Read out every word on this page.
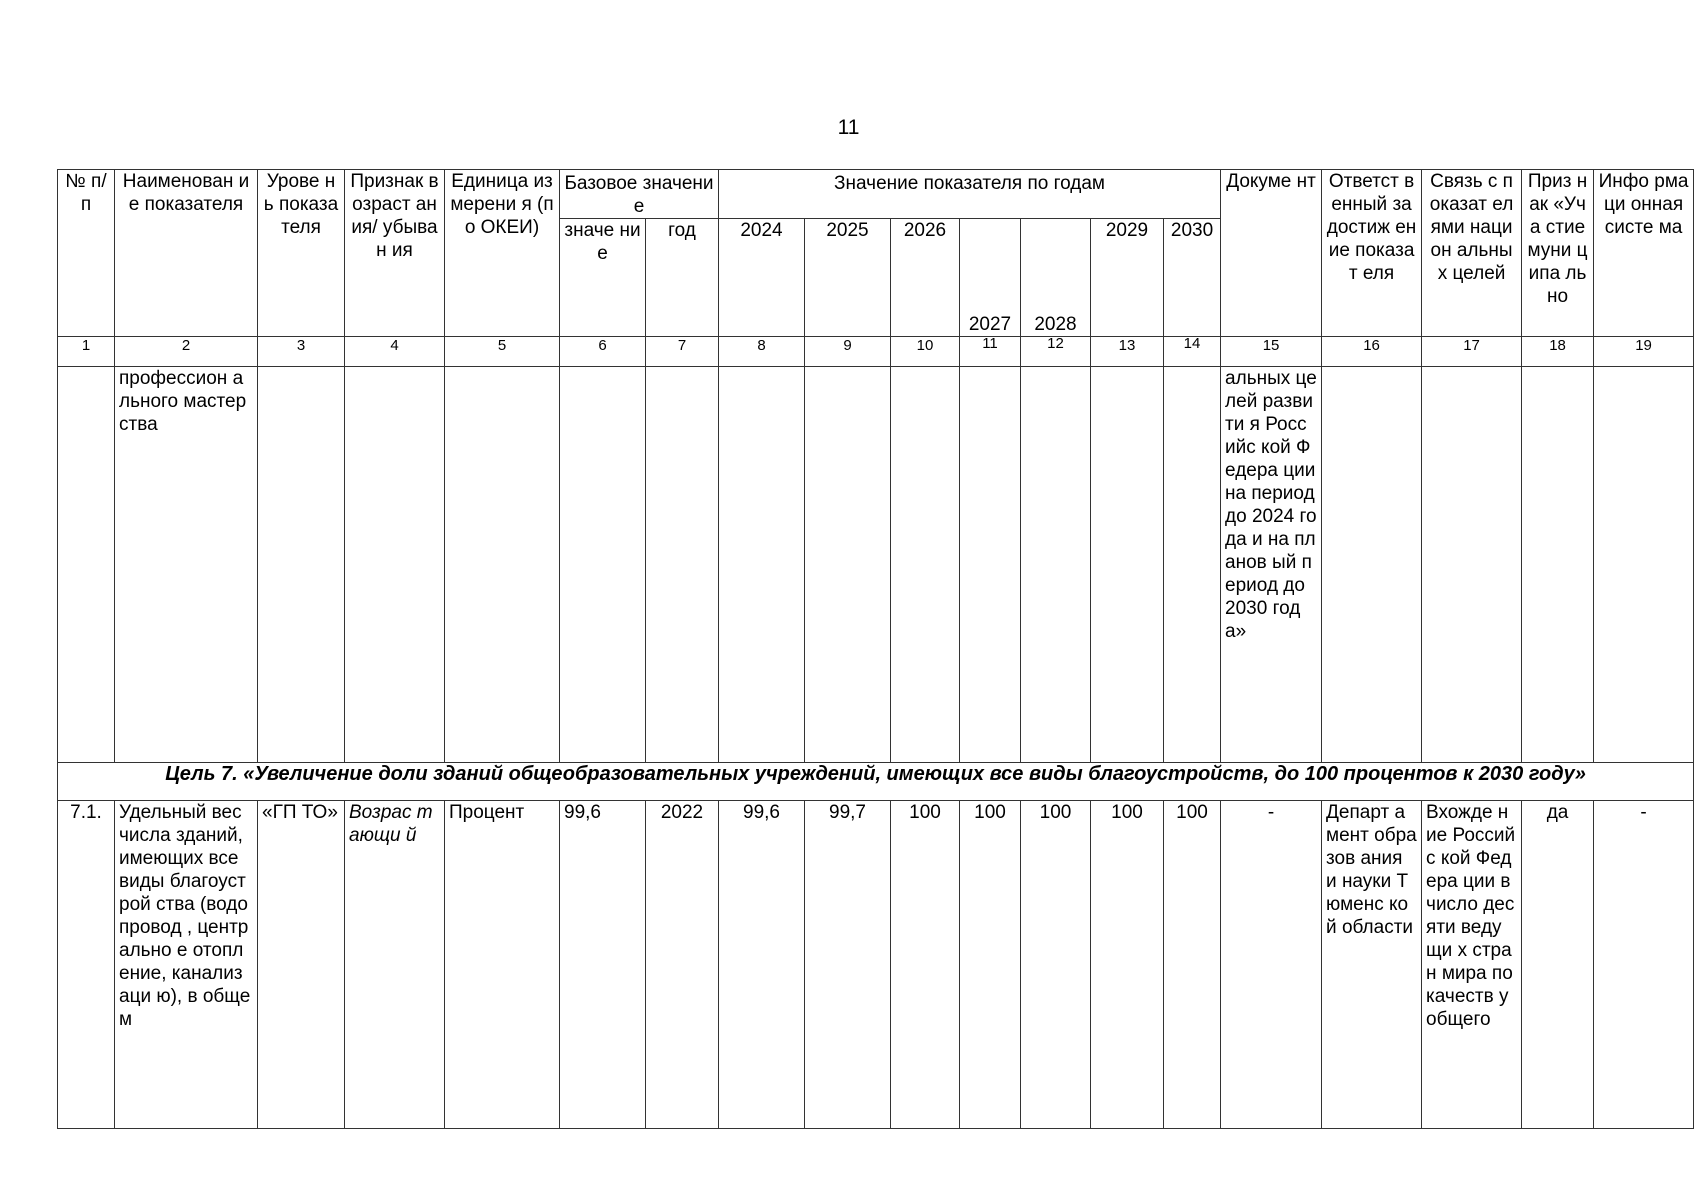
11
№ п/п	Наименован ие показателя	Урове нь показа теля	Признак возраст ания/ убыван ия	Единица измерени я (по ОКЕИ)	Базовое значение		Значение показателя по годам							Докуме нт	Ответст венный за достиж ение показат еля	Связь с показат елями национ альных целей	Приз нак «Уча стие муни ципа льно	Инфо рмаци онная систе ма
					значе ние	год	2024	2025	2026	2027	2028	2029	2030					
1	2	3	4	5	6	7	8	9	10	11	12	13	14	15	16	17	18	19
	профессион ального мастерства													альных целей развити я Российс кой Федера ции на период до 2024 года и на планов ый период до 2030 года»				
Цель 7. «Увеличение доли зданий общеобразовательных учреждений, имеющих все виды благоустройств, до 100 процентов к 2030 году»																		
7.1.	Удельный вес числа зданий, имеющих все виды благоустрой ства (водопровод , центрально е отопление, канализаци ю), в общем	«ГП ТО»	Возрас тающи й	Процент	99,6	2022	99,6	99,7	100	100	100	100	100	-	Департ амент образов ания и науки Тюменс кой области	Вхожде ние Российс кой Федера ции в число десяти ведущи х стран мира по качеств у общего	да	-
